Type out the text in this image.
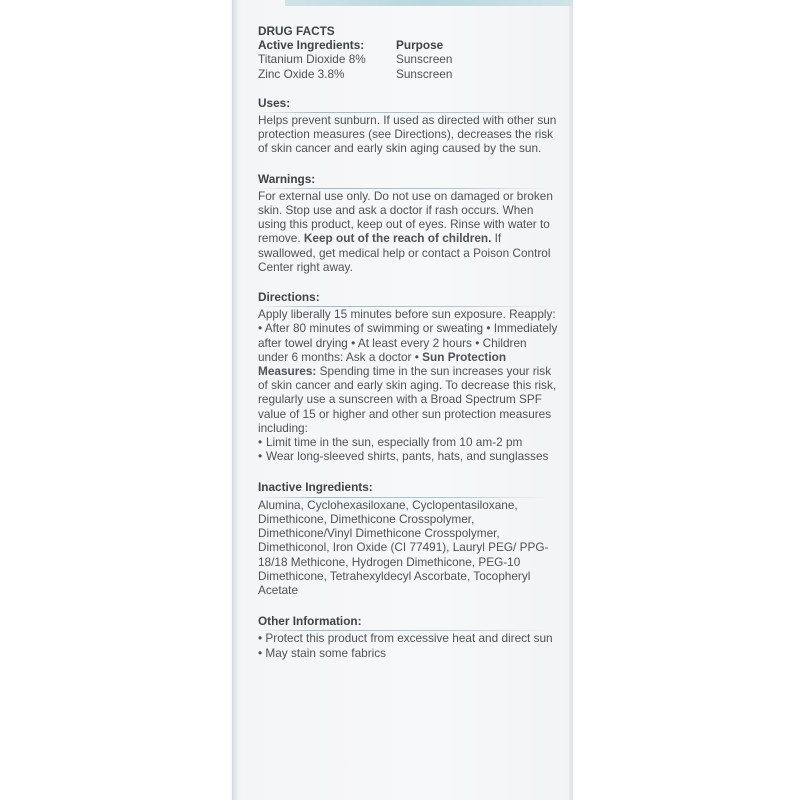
DRUG FACTS
Active Ingredients:	Purpose
Titanium Dioxide 8%	Sunscreen
Zinc Oxide 3.8%	Sunscreen
Uses:

Helps prevent sunburn. If used as directed with other sun protection measures (see Directions), decreases the risk of skin cancer and early skin aging caused by the sun.

Warnings:

For external use only. Do not use on damaged or broken skin. Stop use and ask a doctor if rash occurs. When using this product, keep out of eyes. Rinse with water to remove. Keep out of the reach of children. If swallowed, get medical help or contact a Poison Control Center right away.

Directions:

Apply liberally 15 minutes before sun exposure. Reapply: • After 80 minutes of swimming or sweating • Immediately after towel drying • At least every 2 hours • Children under 6 months: Ask a doctor • Sun Protection Measures: Spending time in the sun increases your risk of skin cancer and early skin aging. To decrease this risk, regularly use a sunscreen with a Broad Spectrum SPF value of 15 or higher and other sun protection measures including:

• Limit time in the sun, especially from 10 am-2 pm
• Wear long-sleeved shirts, pants, hats, and sunglasses
Inactive Ingredients:

Alumina, Cyclohexasiloxane, Cyclopentasiloxane, Dimethicone, Dimethicone Crosspolymer, Dimethicone/Vinyl Dimethicone Crosspolymer, Dimethiconol, Iron Oxide (CI 77491), Lauryl PEG/ PPG-18/18 Methicone, Hydrogen Dimethicone, PEG-10 Dimethicone, Tetrahexyldecyl Ascorbate, Tocopheryl Acetate

Other Information:

• Protect this product from excessive heat and direct sun • May stain some fabrics
